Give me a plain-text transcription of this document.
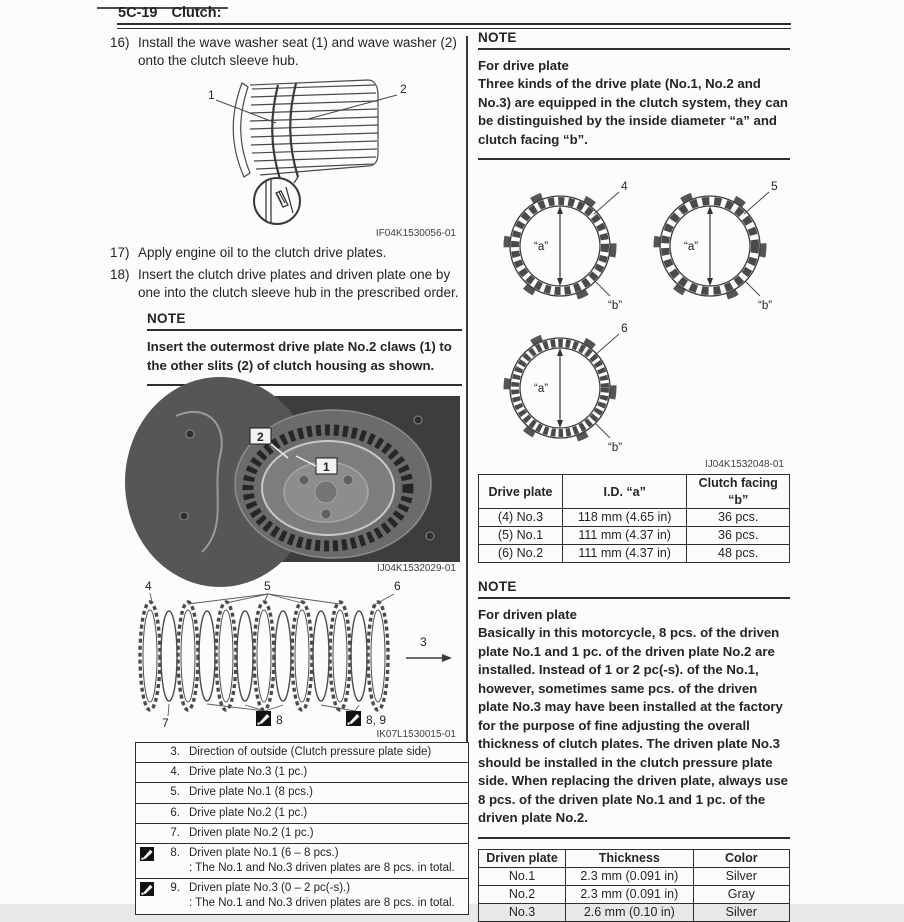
5C-19 Clutch:
16) Install the wave washer seat (1) and wave washer (2) onto the clutch sleeve hub.
1	2
IF04K1530056-01
17) Apply engine oil to the clutch drive plates.
18) Insert the clutch drive plates and driven plate one by one into the clutch sleeve hub in the prescribed order.
NOTE
Insert the outermost drive plate No.2 claws (1) to the other slits (2) of clutch housing as shown.
2
1
IJ04K1532029-01
4	5	6
7
3
8	8, 9
IK07L1530015-01
3. Direction of outside (Clutch pressure plate side)
4. Drive plate No.3 (1 pc.)
5. Drive plate No.1 (8 pcs.)
6. Drive plate No.2 (1 pc.)
7. Driven plate No.2 (1 pc.)
8. Driven plate No.1 (6 – 8 pcs.)
: The No.1 and No.3 driven plates are 8 pcs. in total.
9. Driven plate No.3 (0 – 2 pc(-s).)
: The No.1 and No.3 driven plates are 8 pcs. in total.
NOTE
For drive plate
Three kinds of the drive plate (No.1, No.2 and No.3) are equipped in the clutch system, they can be distinguished by the inside diameter “a” and clutch facing “b”.
“a”
“b”
4
“a”
“b”
5
“a”
“b”
6
IJ04K1532048-01
Drive plate	I.D. “a”	Clutch facing “b”
(4) No.3	118 mm (4.65 in)	36 pcs.
(5) No.1	111 mm (4.37 in)	36 pcs.
(6) No.2	111 mm (4.37 in)	48 pcs.
NOTE
For driven plate
Basically in this motorcycle, 8 pcs. of the driven plate No.1 and 1 pc. of the driven plate No.2 are installed. Instead of 1 or 2 pc(-s). of the No.1, however, sometimes same pcs. of the driven plate No.3 may have been installed at the factory for the purpose of fine adjusting the overall thickness of clutch plates. The driven plate No.3 should be installed in the clutch pressure plate side. When replacing the driven plate, always use 8 pcs. of the driven plate No.1 and 1 pc. of the driven plate No.2.
Driven plate	Thickness	Color
No.1	2.3 mm (0.091 in)	Silver
No.2	2.3 mm (0.091 in)	Gray
No.3	2.6 mm (0.10 in)	Silver
